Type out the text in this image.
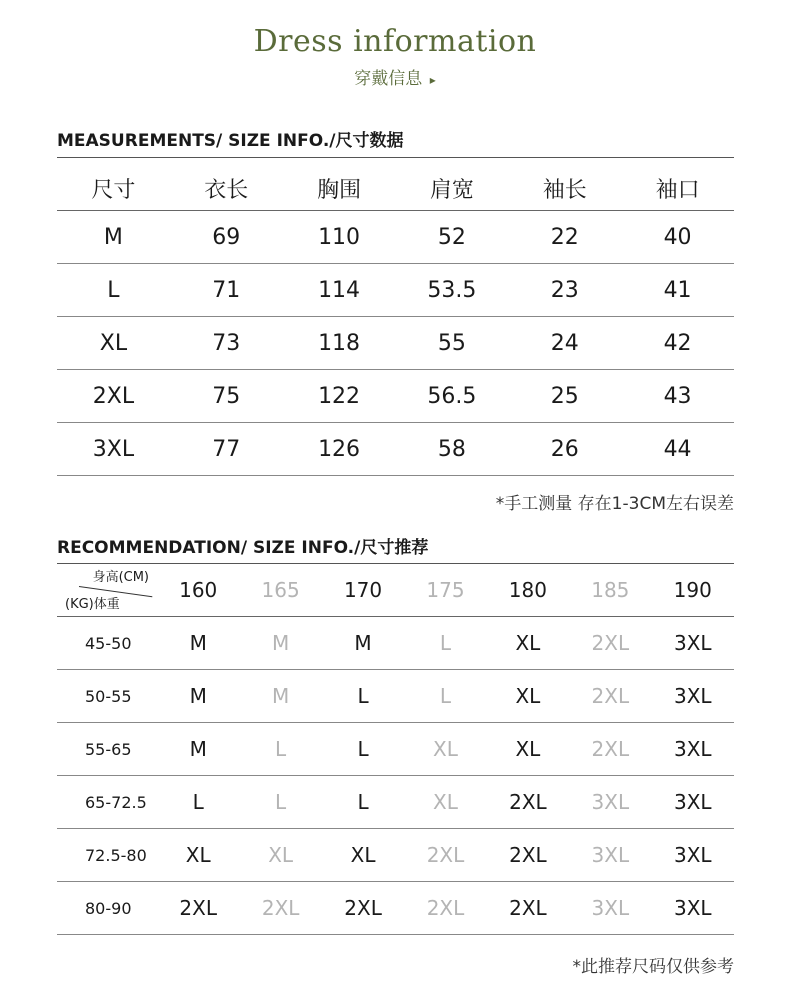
Dress information
穿戴信息 ▸
MEASUREMENTS/ SIZE INFO./尺寸数据
尺寸	衣长	胸围	肩宽	袖长	袖口
M	69	110	52	22	40
L	71	114	53.5	23	41
XL	73	118	55	24	42
2XL	75	122	56.5	25	43
3XL	77	126	58	26	44
*手工测量 存在1-3CM左右误差
RECOMMENDATION/ SIZE INFO./尺寸推荐
身高(CM)
(KG)体重	160	165	170	175	180	185	190
45-50	M	M	M	L	XL	2XL	3XL
50-55	M	M	L	L	XL	2XL	3XL
55-65	M	L	L	XL	XL	2XL	3XL
65-72.5	L	L	L	XL	2XL	3XL	3XL
72.5-80	XL	XL	XL	2XL	2XL	3XL	3XL
80-90	2XL	2XL	2XL	2XL	2XL	3XL	3XL
*此推荐尺码仅供参考
